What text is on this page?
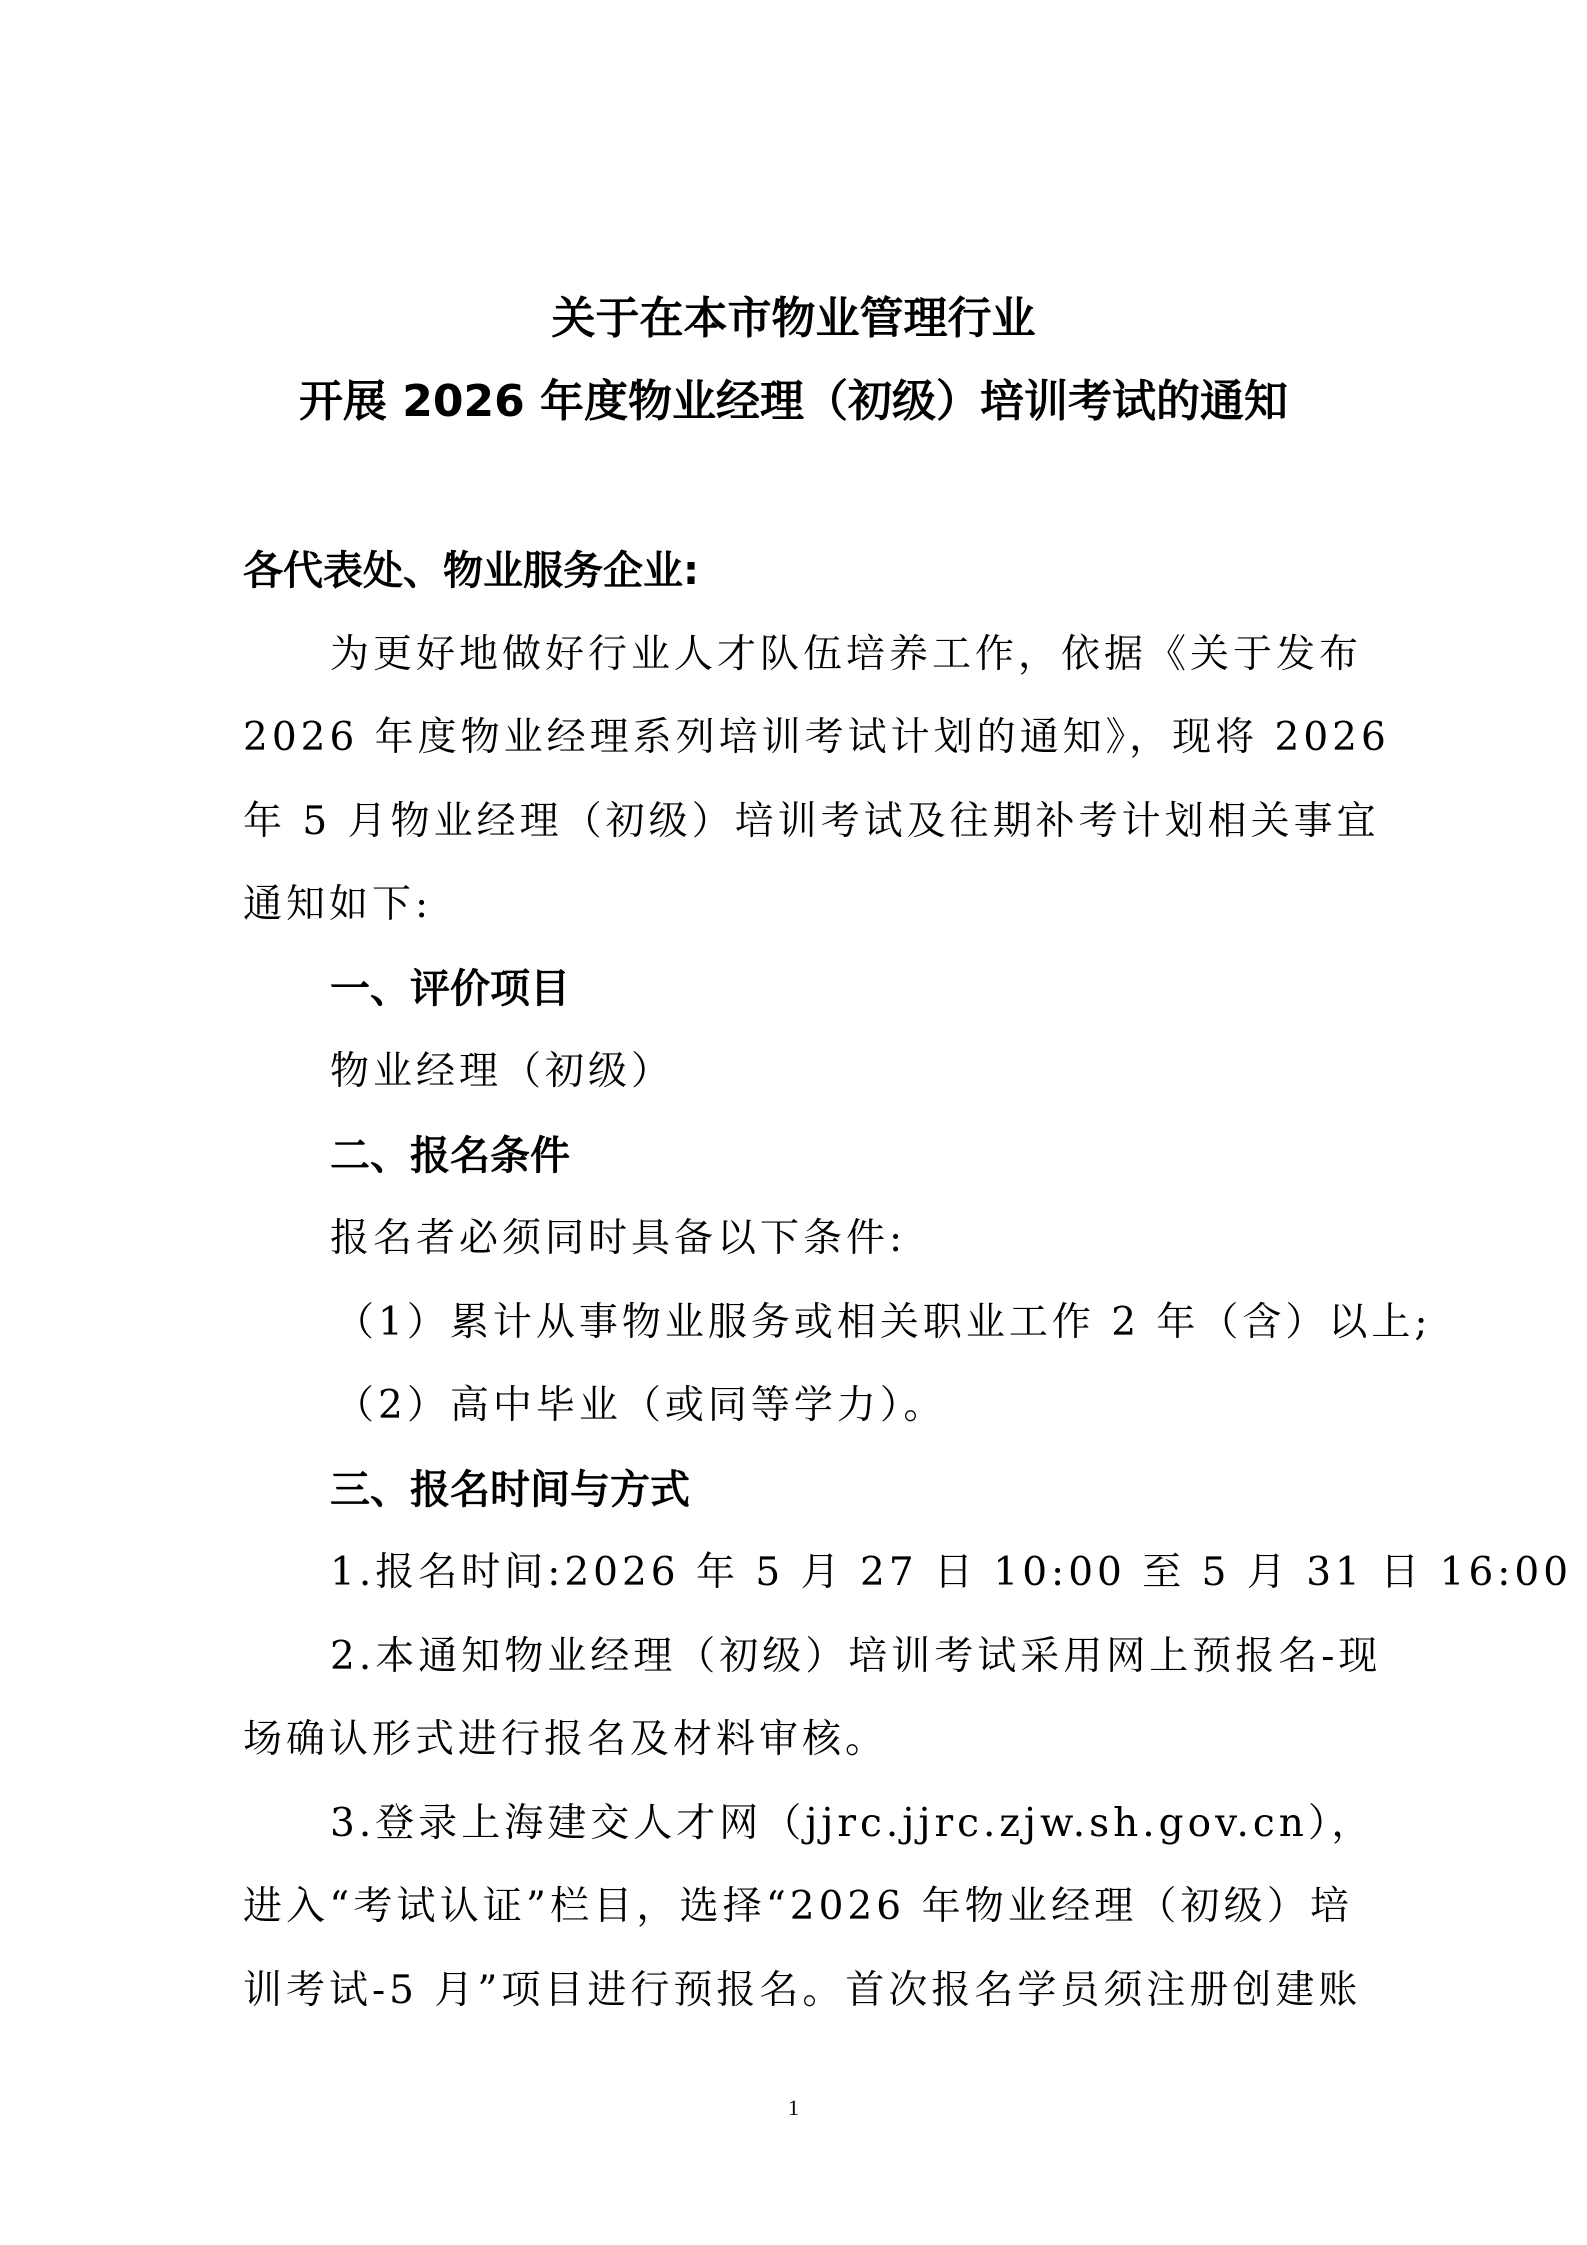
关于在本市物业管理行业
开展 2026 年度物业经理（初级）培训考试的通知
各代表处、物业服务企业:
为更好地做好行业人才队伍培养工作，依据《关于发布
2026 年度物业经理系列培训考试计划的通知》，现将 2026
年 5 月物业经理（初级）培训考试及往期补考计划相关事宜
通知如下:
一、评价项目
物业经理（初级）
二、报名条件
报名者必须同时具备以下条件:
（1）累计从事物业服务或相关职业工作 2 年（含）以上;
（2）高中毕业（或同等学力）。
三、报名时间与方式
1.报名时间:2026 年 5 月 27 日 10:00 至 5 月 31 日 16:00
2.本通知物业经理（初级）培训考试采用网上预报名-现
场确认形式进行报名及材料审核。
3.登录上海建交人才网（jjrc.jjrc.zjw.sh.gov.cn），
进入“考试认证”栏目，选择“2026 年物业经理（初级）培
训考试-5 月”项目进行预报名。首次报名学员须注册创建账
1
